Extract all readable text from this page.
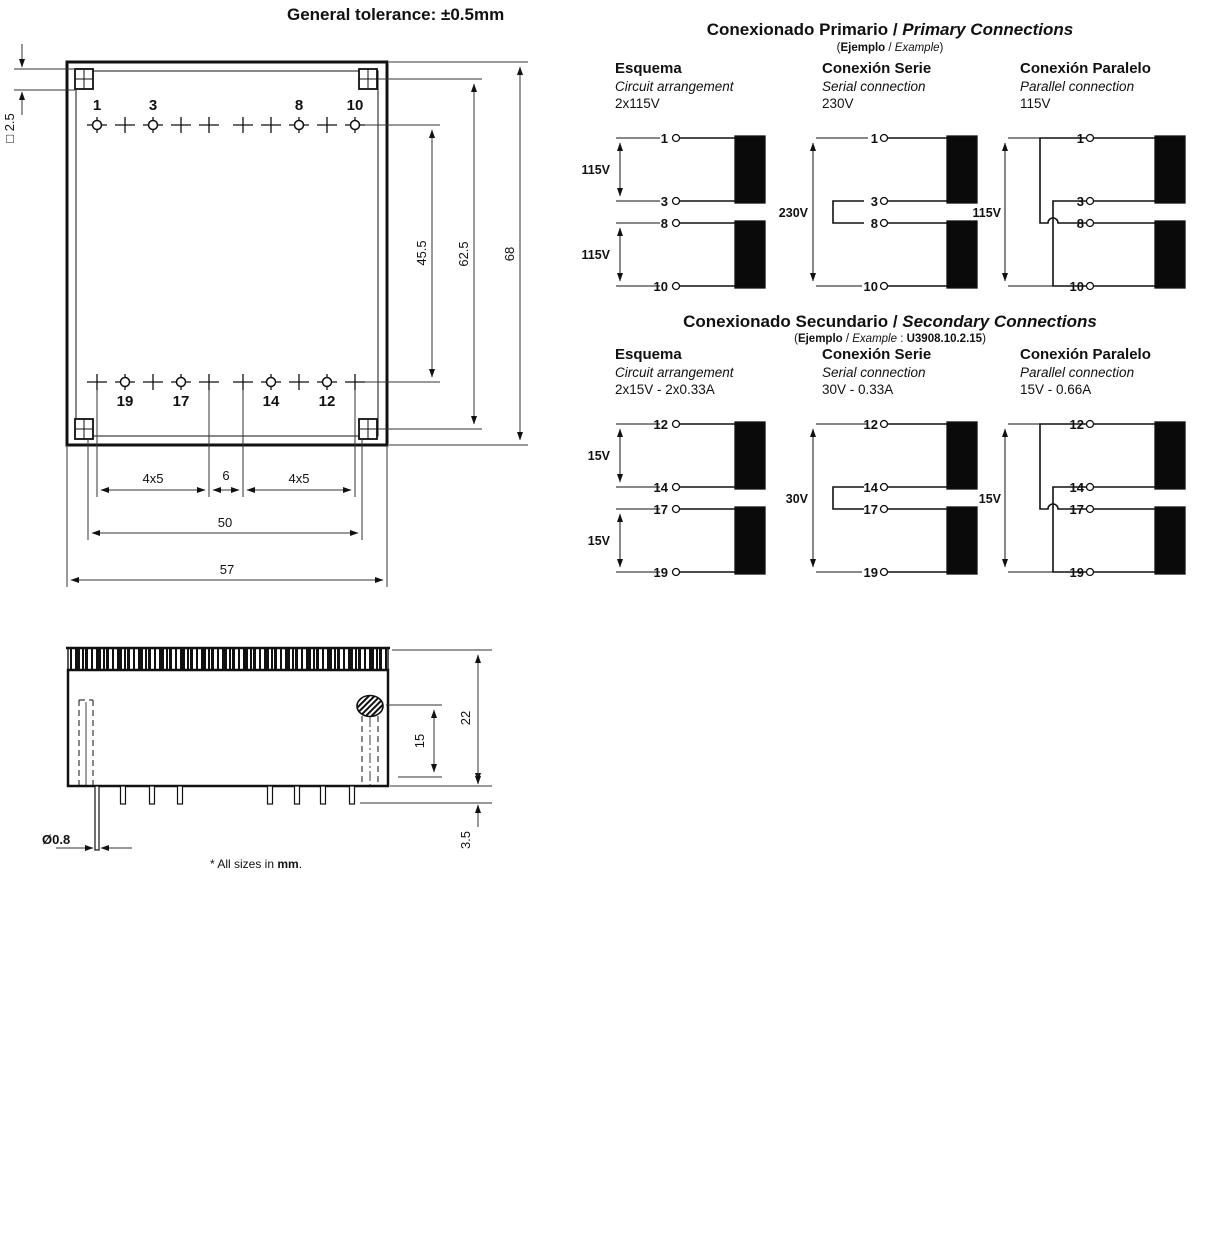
General tolerance: ±0.5mm
1	3	8	10
19	17	14	12
□ 2.5
45.5 62.5 68
4x5	6	4x5
50
57
22
15
3.5
Ø0.8
* All sizes in mm.
Conexionado Primario / Primary Connections
(Ejemplo / Example)
Esquema
Circuit arrangement
2x115V
Conexión Serie
Serial connection
230V
Conexión Paralelo
Parallel connection
115V
1
3
8
10
115V
115V
1
3
8
10
230V
1
3
8
10
115V
Conexionado Secundario / Secondary Connections
(Ejemplo / Example : U3908.10.2.15)
Esquema
Circuit arrangement
2x15V - 2x0.33A
Conexión Serie
Serial connection
30V - 0.33A
Conexión Paralelo
Parallel connection
15V - 0.66A
12
14
17
19
15V
15V
12
14
17
19
30V
12
14
17
19
15V
